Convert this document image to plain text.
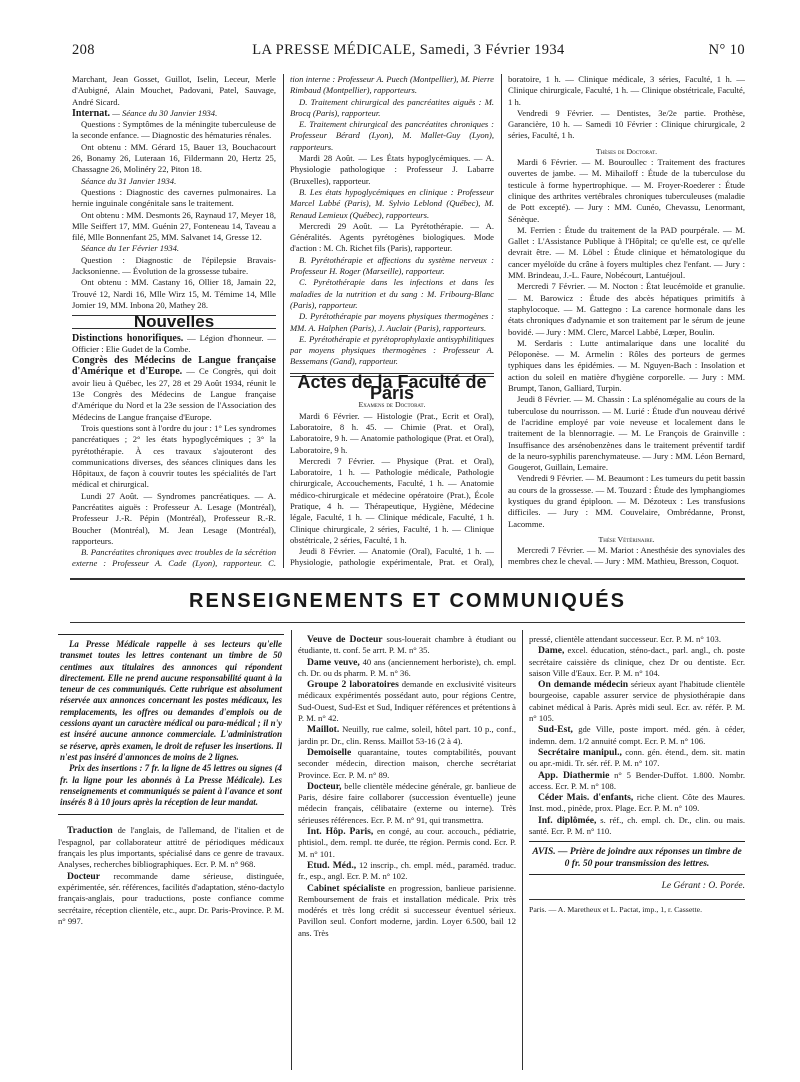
208	LA PRESSE MÉDICALE, Samedi, 3 Février 1934	N° 10

Marchant, Jean Gosset, Guillot, Iselin, Leceur, Merle d'Aubigné, Alain Mouchet, Padovani, Patel, Sauvage, André Sicard.

Internat. — Séance du 30 Janvier 1934.

Questions : Symptômes de la méningite tuberculeuse de la seconde enfance. — Diagnostic des hématuries rénales.

Ont obtenu : MM. Gérard 15, Bauer 13, Bouchacourt 26, Bonamy 26, Luteraan 16, Fildermann 20, Hertz 25, Chassagne 26, Molinéry 22, Piton 18.

Séance du 31 Janvier 1934.

Questions : Diagnostic des cavernes pulmonaires. La hernie inguinale congénitale sans le traitement.

Ont obtenu : MM. Desmonts 26, Raynaud 17, Meyer 18, Mlle Seiffert 17, MM. Guénin 27, Fonteneau 14, Taveau a filé, Mlle Bonnenfant 25, MM. Salvanet 14, Gresse 12.

Séance du 1er Février 1934.

Question : Diagnostic de l'épilepsie Bravais-Jacksonienne. — Évolution de la grossesse tubaire.

Ont obtenu : MM. Castany 16, Ollier 18, Jamain 22, Trouvé 12, Nardi 16, Mlle Wirz 15, M. Témime 14, Mlle Jomier 19, MM. Inbona 20, Mathey 28.

Nouvelles

Distinctions honorifiques. — Légion d'honneur. — Officier : Elie Gudet de la Combe.

Congrès des Médecins de Langue française d'Amérique et d'Europe. — Ce Congrès, qui doit avoir lieu à Québec, les 27, 28 et 29 Août 1934, réunit le 13e Congrès des Médecins de Langue française d'Amérique du Nord et la 23e session de l'Association des Médecins de Langue française d'Europe.

Trois questions sont à l'ordre du jour : 1° Les syndromes pancréatiques ; 2° les états hypoglycémiques ; 3° la pyrétothérapie. À ces travaux s'ajouteront des communications diverses, des séances cliniques dans les Hôpitaux, de façon à couvrir toutes les spécialités de l'art médical et chirurgical.

Lundi 27 Août. — Syndromes pancréatiques. — A. Pancréatites aiguës : Professeur A. Lesage (Montréal), Professeur J.-R. Pépin (Montréal), Professeur R.-R. Boucher (Montréal), M. Jean Lesage (Montréal), rapporteurs.

B. Pancréatites chroniques avec troubles de la sécrétion externe : Professeur A. Cade (Lyon), rapporteur. C.

tion interne : Professeur A. Puech (Montpellier), M. Pierre Rimbaud (Montpellier), rapporteurs.

D. Traitement chirurgical des pancréatites aiguës : M. Brocq (Paris), rapporteur.

E. Traitement chirurgical des pancréatites chroniques : Professeur Bérard (Lyon), M. Mallet-Guy (Lyon), rapporteurs.

Mardi 28 Août. — Les États hypoglycémiques. — A. Physiologie pathologique : Professeur J. Labarre (Bruxelles), rapporteur.

B. Les états hypoglycémiques en clinique : Professeur Marcel Labbé (Paris), M. Sylvio Leblond (Québec), M. Renaud Lemieux (Québec), rapporteurs.

Mercredi 29 Août. — La Pyrétothérapie. — A. Généralités. Agents pyrétogènes biologiques. Mode d'action : M. Ch. Richet fils (Paris), rapporteur.

B. Pyrétothérapie et affections du système nerveux : Professeur H. Roger (Marseille), rapporteur.

C. Pyrétothérapie dans les infections et dans les maladies de la nutrition et du sang : M. Fribourg-Blanc (Paris), rapporteur.

D. Pyrétothérapie par moyens physiques thermogènes : MM. A. Halphen (Paris), J. Auclair (Paris), rapporteurs.

E. Pyrétothérapie et pyrétoprophylaxie antisyphilitiques par moyens physiques thermogènes : Professeur A. Bessemans (Gand), rapporteur.

Actes de la Faculté de Paris

Examens de Doctorat.

Mardi 6 Février. — Histologie (Prat., Ecrit et Oral), Laboratoire, 8 h. 45. — Chimie (Prat. et Oral), Laboratoire, 9 h. — Anatomie pathologique (Prat. et Oral), Laboratoire, 9 h.

Mercredi 7 Février. — Physique (Prat. et Oral), Laboratoire, 1 h. — Pathologie médicale, Pathologie chirurgicale, Accouchements, Faculté, 1 h. — Anatomie médico-chirurgicale et médecine opératoire (Prat.), École Pratique, 4 h. — Thérapeutique, Hygiène, Médecine légale, Faculté, 1 h. — Clinique médicale, Faculté, 1 h. Clinique chirurgicale, 2 séries, Faculté, 1 h. — Clinique obstétricale, 2 séries, Faculté, 1 h.

Jeudi 8 Février. — Anatomie (Oral), Faculté, 1 h. — Physiologie, pathologie expérimentale, Prat. et Oral),

boratoire, 1 h. — Clinique médicale, 3 séries, Faculté, 1 h. — Clinique chirurgicale, Faculté, 1 h. — Clinique obstétricale, Faculté, 1 h.

Vendredi 9 Février. — Dentistes, 3e/2e partie. Prothèse, Garancière, 10 h. — Samedi 10 Février : Clinique chirurgicale, 2 séries, Faculté, 1 h.

Thèses de Doctorat.

Mardi 6 Février. — M. Bouroullec : Traitement des fractures ouvertes de jambe. — M. Mihailoff : Étude de la tuberculose du testicule à forme hypertrophique. — M. Froyer-Roederer : Étude clinique des arthrites vertébrales chroniques tuberculeuses (maladie de Pott excepté). — Jury : MM. Cunéo, Chevassu, Lenormant, Sénèque.

M. Ferrien : Étude du traitement de la PAD pourpérale. — M. Gallet : L'Assistance Publique à l'Hôpital; ce qu'elle est, ce qu'elle devrait être. — M. Löbel : Étude clinique et hématologique du cancer myéloïde du crâne à foyers multiples chez l'enfant. — Jury : MM. Brindeau, J.-L. Faure, Nobécourt, Lantuéjoul.

Mercredi 7 Février. — M. Nocton : État leucémoïde et granulie. — M. Barowicz : Étude des abcès hépatiques primitifs à staphylocoque. — M. Gattegno : La carence hormonale dans les états chroniques d'adynamie et son traitement par le sérum de jeune bovidé. — Jury : MM. Clerc, Marcel Labbé, Lœper, Boulin.

M. Serdaris : Lutte antimalarique dans une localité du Péloponèse. — M. Armelin : Rôles des porteurs de germes typhiques dans les épidémies. — M. Nguyen-Bach : Insolation et action du soleil en matière d'hygiène corporelle. — Jury : MM. Brumpt, Tanon, Galliard, Turpin.

Jeudi 8 Février. — M. Chassin : La splénomégalie au cours de la tuberculose du nourrisson. — M. Lurié : Étude d'un nouveau dérivé de l'acridine employé par voie neveuse et localement dans le traitement de la blennorragie. — M. Le François de Grainville : Insuffisance des arsénobenzènes dans le traitement préventif tardif de la neuro-syphilis parenchymateuse. — Jury : MM. Léon Bernard, Gougerot, Guillain, Lemaire.

Vendredi 9 Février. — M. Beaumont : Les tumeurs du petit bassin au cours de la grossesse. — M. Touzard : Étude des lymphangiomes kystiques du grand épiploon. — M. Dézoteux : Les transfusions difficiles. — Jury : MM. Couvelaire, Ombrédanne, Pronst, Lacomme.

Thèse Vétérinaire.

Mercredi 7 Février. — M. Mariot : Anesthésie des synoviales des membres chez le cheval. — Jury : MM. Mathieu, Bresson, Coquot.

RENSEIGNEMENTS ET COMMUNIQUÉS

La Presse Médicale rappelle à ses lecteurs qu'elle transmet toutes les lettres contenant un timbre de 50 centimes aux titulaires des annonces qui répondent directement. Elle ne prend aucune responsabilité quant à la teneur de ces communiqués. Cette rubrique est absolument réservée aux annonces concernant les postes médicaux, les remplacements, les offres ou demandes d'emplois ou de cessions ayant un caractère médical ou para-médical ; il n'y est inséré aucune annonce commerciale. L'administration se réserve, après examen, le droit de refuser les insertions. Il n'est pas inséré d'annonces de moins de 2 lignes.

Prix des insertions : 7 fr. la ligne de 45 lettres ou signes (4 fr. la ligne pour les abonnés à La Presse Médicale). Les renseignements et communiqués se paient à l'avance et sont insérés 8 à 10 jours après la réception de leur mandat.

Traduction de l'anglais, de l'allemand, de l'italien et de l'espagnol, par collaborateur attitré de périodiques médicaux français les plus importants, spécialisé dans ce genre de travaux. Analyses, recherches bibliographiques. Ecr. P. M. n° 968.

Docteur recommande dame sérieuse, distinguée, expérimentée, sér. références, facilités d'adaptation, sténo-dactylo français-anglais, pour traductions, poste confiance comme secrétaire, réception clientèle, etc., aupr. Dr. Paris-Province. P. M. n° 997.

Veuve de Docteur sous-louerait chambre à étudiant ou étudiante, tt. conf. 5e arrt. P. M. n° 35.

Dame veuve, 40 ans (anciennement herboriste), ch. empl. ch. Dr. ou ds pharm. P. M. n° 36.

Groupe 2 laboratoires demande en exclusivité visiteurs médicaux expérimentés possédant auto, pour régions Centre, Sud-Ouest, Sud-Est et Sud, Indiquer références et prétentions à P. M. n° 42.

Maillot. Neuilly, rue calme, soleil, hôtel part. 10 p., conf., jardin pr. Dr., clin. Renss. Maillot 53-16 (2 à 4).

Demoiselle quarantaine, toutes comptabilités, pouvant seconder médecin, direction maison, cherche secrétariat Province. Ecr. P. M. n° 89.

Docteur, belle clientèle médecine générale, gr. banlieue de Paris, désire faire collaborer (succession éventuelle) jeune médecin français, célibataire (externe ou interne). Très sérieuses références. Ecr. P. M. n° 91, qui transmettra.

Int. Hôp. Paris, en congé, au cour. accouch., pédiatrie, phtisiol., dem. rempl. tte durée, tte région. Permis cond. Ecr. P. M. n° 101.

Etud. Méd., 12 inscrip., ch. empl. méd., paraméd. traduc. fr., esp., angl. Ecr. P. M. n° 102.

Cabinet spécialiste en progression, banlieue parisienne. Remboursement de frais et installation médicale. Prix très modérés et très long crédit si successeur éventuel sérieux. Pavillon seul. Confort moderne, jardin. Loyer 6.500, bail 12 ans. Très

pressé, clientèle attendant successeur. Ecr. P. M. n° 103.

Dame, excel. éducation, sténo-dact., parl. angl., ch. poste secrétaire caissière ds clinique, chez Dr ou dentiste. Ecr. saison Ville d'Eaux. Ecr. P. M. n° 104.

On demande médecin sérieux ayant l'habitude clientèle bourgeoise, capable assurer service de physiothérapie dans cabinet médical à Paris. Après midi seul. Ecr. av. référ. P. M. n° 105.

Sud-Est, gde Ville, poste import. méd. gén. à céder, indemn. dem. 1/2 annuité compt. Ecr. P. M. n° 106.

Secrétaire manipul., conn. gén. étend., dem. sit. matin ou apr.-midi. Tr. sér. réf. P. M. n° 107.

App. Diathermie n° 5 Bender-Duffot. 1.800. Nombr. access. Ecr. P. M. n° 108.

Céder Mais. d'enfants, riche client. Côte des Maures. Inst. mod., pinède, prox. Plage. Ecr. P. M. n° 109.

Inf. diplômée, s. réf., ch. empl. ch. Dr., clin. ou mais. santé. Ecr. P. M. n° 110.

AVIS. — Prière de joindre aux réponses un timbre de 0 fr. 50 pour transmission des lettres.

Le Gérant : O. Porée.

Paris. — A. Maretheux et L. Pactat, imp., 1, r. Cassette.
